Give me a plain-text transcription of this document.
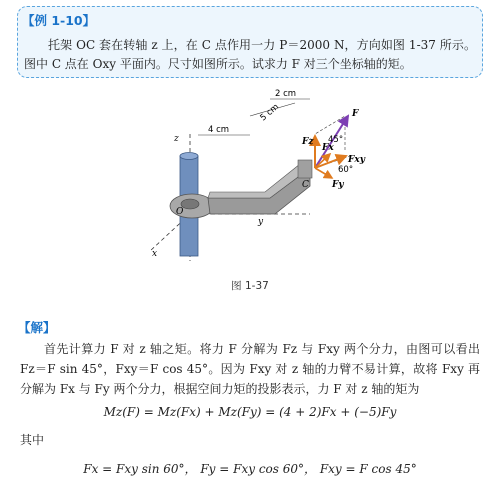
【例 1-10】
托架 OC 套在转轴 z 上，在 C 点作用一力 P＝2000 N，方向如图 1-37 所示。图中 C 点在 Oxy 平面内。尺寸如图所示。试求力 F 对三个坐标轴的矩。
4 cm
5 cm
2 cm
z
x
y
O
C
F
Fz
Fx
Fy
Fxy
45°
60°
图 1-37
【解】
首先计算力 F 对 z 轴之矩。将力 F 分解为 Fz 与 Fxy 两个分力，由图可以看出 Fz＝F sin 45°，Fxy＝F cos 45°。因为 Fxy 对 z 轴的力臂不易计算，故将 Fxy 再分解为 Fx 与 Fy 两个分力，根据空间力矩的投影表示，力 F 对 z 轴的矩为
Mz(F) = Mz(Fx) + Mz(Fy) = (4 + 2)Fx + (−5)Fy
其中
Fx = Fxy sin 60°， Fy = Fxy cos 60°， Fxy = F cos 45°
